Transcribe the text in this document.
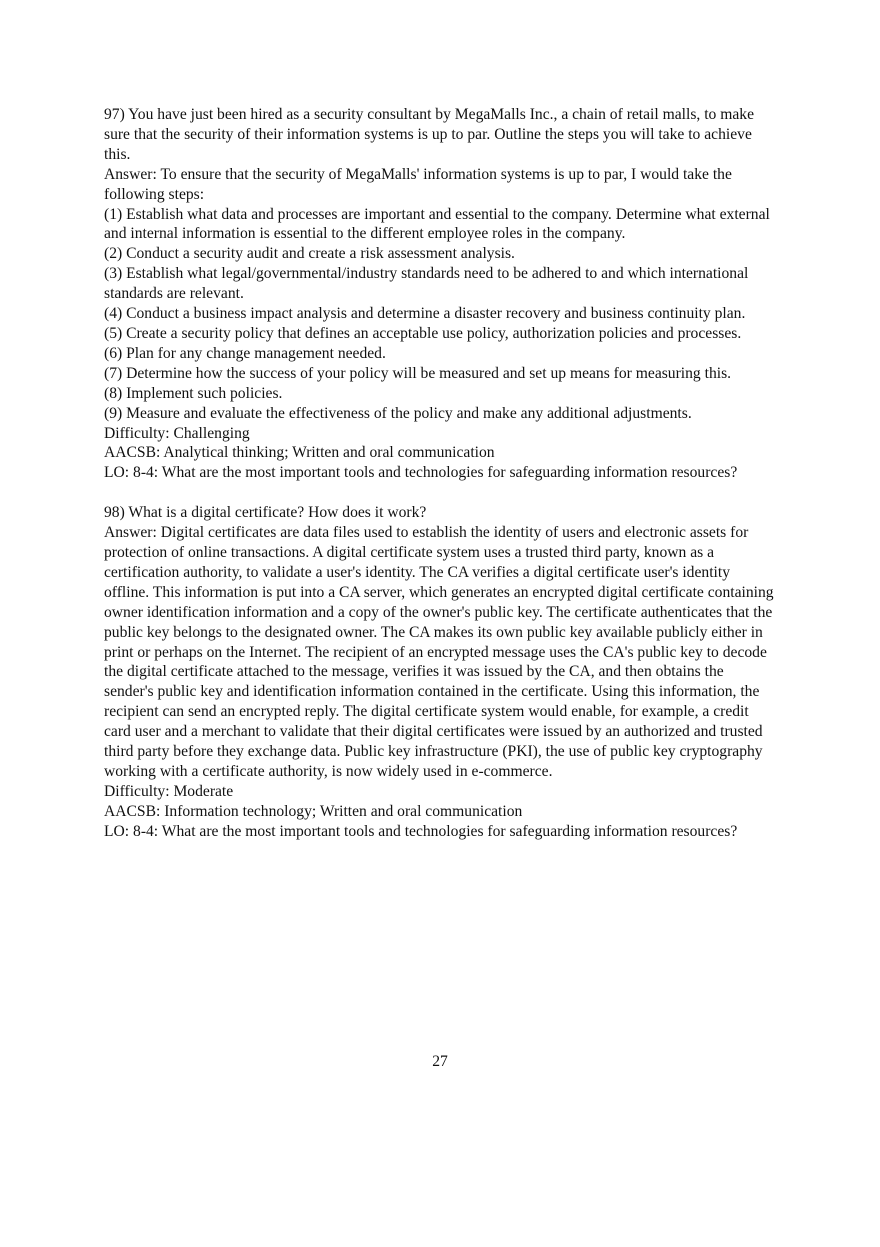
97) You have just been hired as a security consultant by MegaMalls Inc., a chain of retail malls, to make sure that the security of their information systems is up to par. Outline the steps you will take to achieve this.

Answer: To ensure that the security of MegaMalls' information systems is up to par, I would take the following steps:

(1) Establish what data and processes are important and essential to the company. Determine what external and internal information is essential to the different employee roles in the company.

(2) Conduct a security audit and create a risk assessment analysis.

(3) Establish what legal/governmental/industry standards need to be adhered to and which international standards are relevant.

(4) Conduct a business impact analysis and determine a disaster recovery and business continuity plan.

(5) Create a security policy that defines an acceptable use policy, authorization policies and processes.

(6) Plan for any change management needed.

(7) Determine how the success of your policy will be measured and set up means for measuring this.

(8) Implement such policies.

(9) Measure and evaluate the effectiveness of the policy and make any additional adjustments.

Difficulty: Challenging

AACSB: Analytical thinking; Written and oral communication

LO: 8-4: What are the most important tools and technologies for safeguarding information resources?

98) What is a digital certificate? How does it work?

Answer: Digital certificates are data files used to establish the identity of users and electronic assets for protection of online transactions. A digital certificate system uses a trusted third party, known as a certification authority, to validate a user's identity. The CA verifies a digital certificate user's identity offline. This information is put into a CA server, which generates an encrypted digital certificate containing owner identification information and a copy of the owner's public key. The certificate authenticates that the public key belongs to the designated owner. The CA makes its own public key available publicly either in print or perhaps on the Internet. The recipient of an encrypted message uses the CA's public key to decode the digital certificate attached to the message, verifies it was issued by the CA, and then obtains the sender's public key and identification information contained in the certificate. Using this information, the recipient can send an encrypted reply. The digital certificate system would enable, for example, a credit card user and a merchant to validate that their digital certificates were issued by an authorized and trusted third party before they exchange data. Public key infrastructure (PKI), the use of public key cryptography working with a certificate authority, is now widely used in e-commerce.

Difficulty: Moderate

AACSB: Information technology; Written and oral communication

LO: 8-4: What are the most important tools and technologies for safeguarding information resources?

27
